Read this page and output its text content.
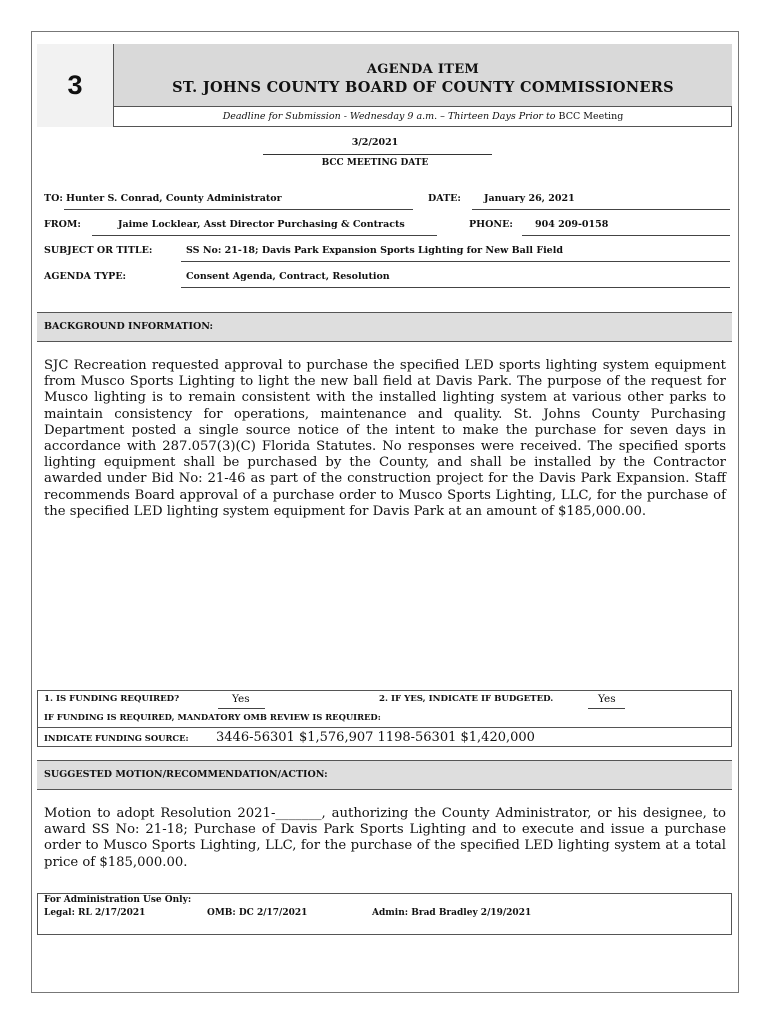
3
AGENDA ITEM
ST. JOHNS COUNTY BOARD OF COUNTY COMMISSIONERS
Deadline for Submission - Wednesday 9 a.m. – Thirteen Days Prior to BCC Meeting
3/2/2021
BCC MEETING DATE
TO: Hunter S. Conrad, County Administrator	DATE: January 26, 2021
FROM:	Jaime Locklear, Asst Director Purchasing & Contracts	PHONE: 904 209-0158
SUBJECT OR TITLE:	SS No: 21-18; Davis Park Expansion Sports Lighting for New Ball Field
AGENDA TYPE:	Consent Agenda, Contract, Resolution
BACKGROUND INFORMATION:
SJC Recreation requested approval to purchase the specified LED sports lighting system equipment from Musco Sports Lighting to light the new ball field at Davis Park. The purpose of the request for Musco lighting is to remain consistent with the installed lighting system at various other parks to maintain consistency for operations, maintenance and quality. St. Johns County Purchasing Department posted a single source notice of the intent to make the purchase for seven days in accordance with 287.057(3)(C) Florida Statutes. No responses were received. The specified sports lighting equipment shall be purchased by the County, and shall be installed by the Contractor awarded under Bid No: 21-46 as part of the construction project for the Davis Park Expansion. Staff recommends Board approval of a purchase order to Musco Sports Lighting, LLC, for the purchase of the specified LED lighting system equipment for Davis Park at an amount of $185,000.00.
1. IS FUNDING REQUIRED?	Yes	2. IF YES, INDICATE IF BUDGETED.	Yes
IF FUNDING IS REQUIRED, MANDATORY OMB REVIEW IS REQUIRED:
INDICATE FUNDING SOURCE: 3446-56301 $1,576,907 1198-56301 $1,420,000
SUGGESTED MOTION/RECOMMENDATION/ACTION:
Motion to adopt Resolution 2021-_______, authorizing the County Administrator, or his designee, to award SS No: 21-18; Purchase of Davis Park Sports Lighting and to execute and issue a purchase order to Musco Sports Lighting, LLC, for the purchase of the specified LED lighting system at a total price of $185,000.00.
For Administration Use Only:
Legal: RL 2/17/2021	OMB: DC 2/17/2021	Admin: Brad Bradley 2/19/2021
